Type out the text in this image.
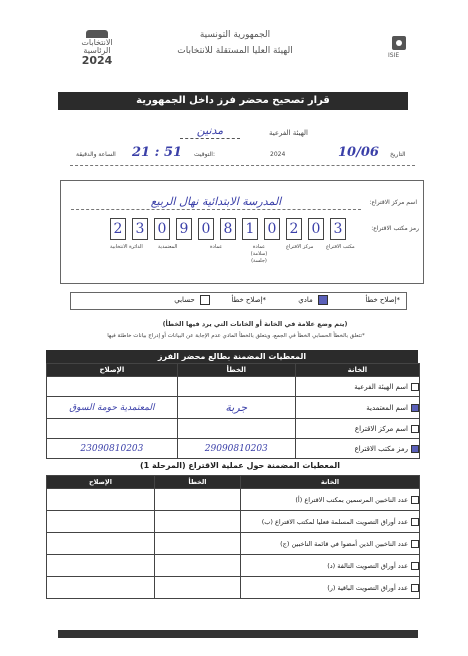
الانتخابات
الرئاسية
2024
الجمهورية التونسية
الهيئة العليا المستقلة للانتخابات	ISIE
قرار تصحيح محضر فرز داخل الجمهورية
الهيئة الفرعية
مدنين
الساعة والدقيقة 21 : 51 التوقيت:	2024	10/06 التاريخ
اسم مركز الاقتراع:
المدرسة الابتدائية نهال الربيع
رمز مكتب الاقتراع:
2 3 0 9 0 8 1 0 2 0 3
الدائرة الانتخابية	المعتمدية	عمادة	مركز الاقتراع	مكتب الاقتراع
عمادة (سلامة) (جلسة)
*إصلاح خطأ
مادي
*إصلاح خطأ
حسابي
(يتم وضع علامة في الخانة أو الخانات التي يرد فيها الخطأ)
*تتعلق بالخطأ الحسابي الخطأ في الجمع، ويتعلق بالخطأ المادي عدم الإجابة عن البيانات أو إدراج بيانات خاطئة فيها
المعطيات المضمنة بطالع محضر الفرز
الخانة	الخطأ	الإصلاح
اسم الهيئة الفرعية		
اسم المعتمدية	جربة	المعتمدية حومة السوق
اسم مركز الاقتراع		
رمز مكتب الاقتراع	29090810203	23090810203
المعطيات المضمنة حول عملية الاقتراع (المرحلة 1)
الخانة	الخطأ	الإصلاح
عدد الناخبين المرسمين بمكتب الاقتراع (أ)		
عدد أوراق التصويت المسلمة فعليا لمكتب الاقتراع (ب)		
عدد الناخبين الذين أمضوا في قائمة الناخبين (ج)		
عدد أوراق التصويت التالفة (د)		
عدد أوراق التصويت الباقية (ر)		
